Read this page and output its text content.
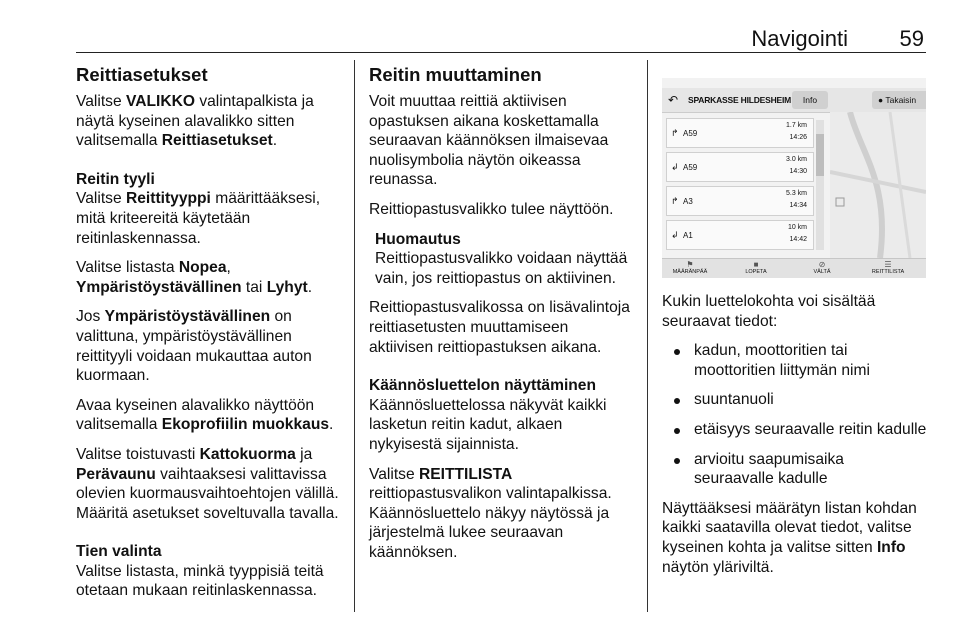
Navigointi 59
Reittiasetukset

Valitse VALIKKO valintapalkista ja näytä kyseinen alavalikko sitten valitsemalla Reittiasetukset.

Reitin tyyli

Valitse Reittityyppi määrittääksesi, mitä kriteereitä käytetään reitinlaskennassa.

Valitse listasta Nopea, Ympäristöystävällinen tai Lyhyt.

Jos Ympäristöystävällinen on valittuna, ympäristöystävällinen reittityyli voidaan mukauttaa auton kuormaan.

Avaa kyseinen alavalikko näyttöön valitsemalla Ekoprofiilin muokkaus.

Valitse toistuvasti Kattokuorma ja Perävaunu vaihtaaksesi valittavissa olevien kuormausvaihtoehtojen välillä. Määritä asetukset soveltuvalla tavalla.

Tien valinta

Valitse listasta, minkä tyyppisiä teitä otetaan mukaan reitinlaskennassa.

Reitin muuttaminen

Voit muuttaa reittiä aktiivisen opastuksen aikana koskettamalla seuraavan käännöksen ilmaisevaa nuolisymbolia näytön oikeassa reunassa.

Reittiopastusvalikko tulee näyttöön.

Huomautus
Reittiopastusvalikko voidaan näyttää vain, jos reittiopastus on aktiivinen.

Reittiopastusvalikossa on lisävalintoja reittiasetusten muuttamiseen aktiivisen reittiopastuksen aikana.

Käännösluettelon näyttäminen

Käännösluettelossa näkyvät kaikki lasketun reitin kadut, alkaen nykyisestä sijainnista.

Valitse REITTILISTA reittiopastusvalikon valintapalkissa. Käännösluettelo näkyy näytössä ja järjestelmä lukee seuraavan käännöksen.

↶ SPARKASSE HILDESHEIM	Info	● Takaisin
↱ A59
1.7 km
14:26
↲ A59
3.0 km
14:30
↱ A3
5.3 km
14:34
↲ A1
10 km
14:42
⚑
MÄÄRÄNPÄÄ
■
LOPETA
⊘
VÄLTÄ
☰
REITTILISTA

Kukin luettelokohta voi sisältää seuraavat tiedot:

kadun, moottoritien tai moottoritien liittymän nimi
suuntanuoli
etäisyys seuraavalle reitin kadulle
arvioitu saapumisaika seuraavalle kadulle

Näyttääksesi määrätyn listan kohdan kaikki saatavilla olevat tiedot, valitse kyseinen kohta ja valitse sitten Info näytön yläriviltä.
